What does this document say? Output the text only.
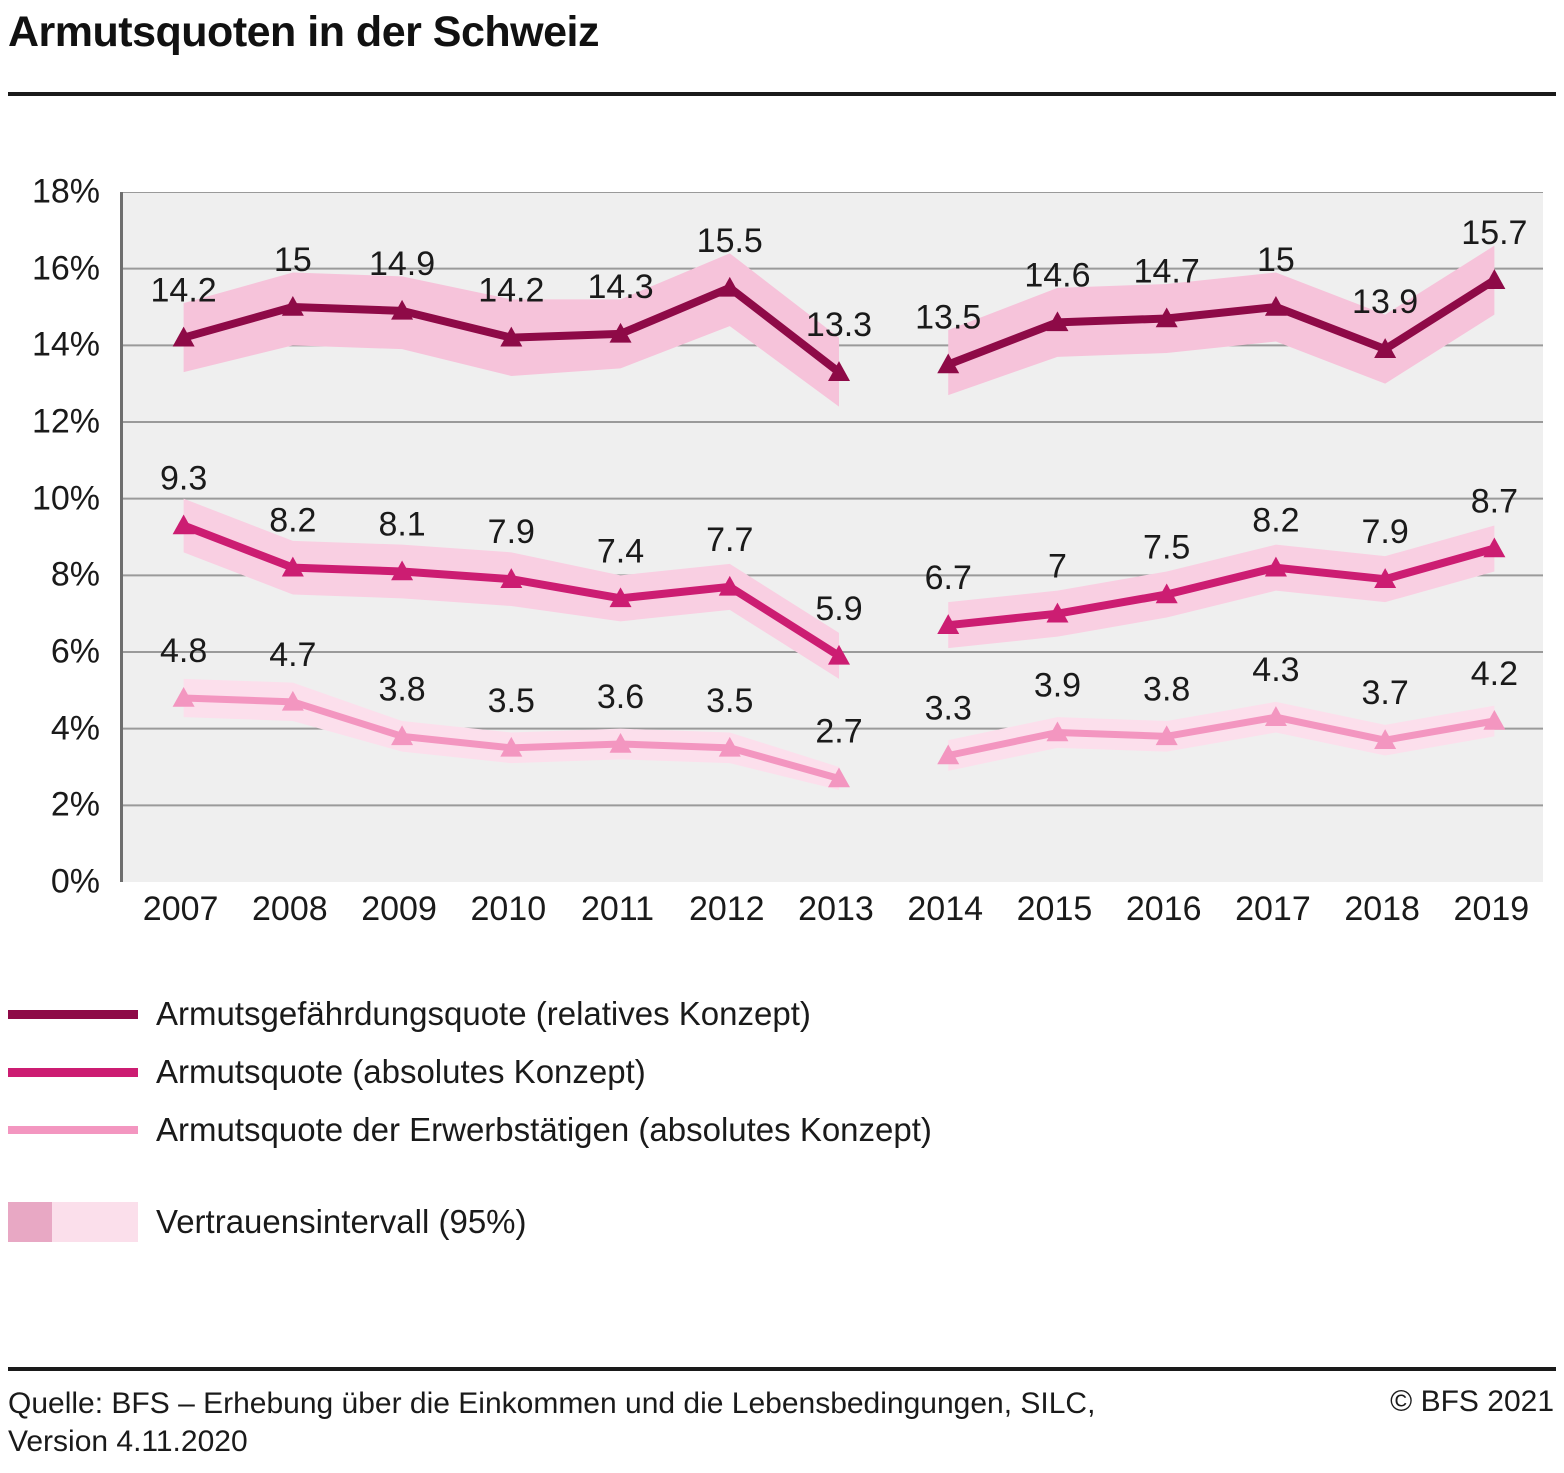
Armutsquoten in der Schweiz
0%
2%
4%
6%
8%
10%
12%
14%
16%
18%
14.2
15 14.9
14.2 14.3
15.5
13.3 13.5
14.6 14.7 15
13.9
15.7
9.3
8.2 8.1 7.9
7.4 7.7
5.9
6.7 7
7.5
8.2 7.9
8.7
4.8 4.7
3.8 3.5 3.6 3.5
2.7
3.3
3.9 3.8
4.3
3.7
4.2
2007 2008 2009 2010 2011 2012 2013 2014 2015 2016 2017 2018 2019
Armutsgefährdungsquote (relatives Konzept)
Armutsquote (absolutes Konzept)
Armutsquote der Erwerbstätigen (absolutes Konzept)
Vertrauensintervall (95%)
Quelle: BFS – Erhebung über die Einkommen und die Lebensbedingungen, SILC, Version 4.11.2020
© BFS 2021
